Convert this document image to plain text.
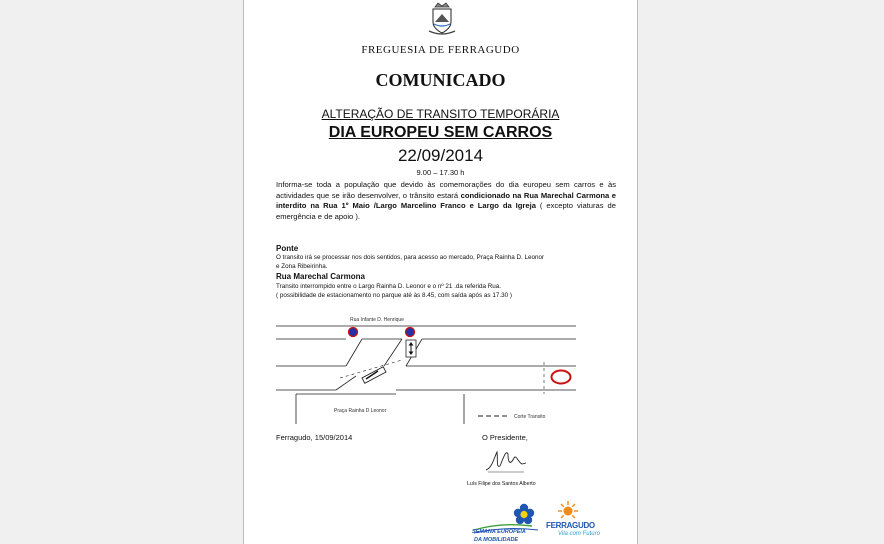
FREGUESIA DE FERRAGUDO
COMUNICADO
ALTERAÇÃO DE TRANSITO TEMPORÁRIA
DIA EUROPEU SEM CARROS
22/09/2014
9.00 – 17.30 h
Informa-se toda a população que devido às comemorações do dia europeu sem carros e às actividades que se irão desenvolver, o trânsito estará condicionado na Rua Marechal Carmona e interdito na Rua 1º Maio /Largo Marcelino Franco e Largo da Igreja ( excepto viaturas de emergência e de apoio ).
Ponte
O transito irá se processar nos dois sentidos, para acesso ao mercado, Praça Rainha D. Leonor
e Zona Ribeirinha.
Rua Marechal Carmona
Transito interrompido entre o Largo Rainha D. Leonor e o nº 21 .da referida Rua.
( possibilidade de estacionamento no parque até às 8.45, com saída após as 17.30 )
Rua Infante D. Henrique
Praça Rainha D Leonor
Corte Transito
Ferragudo, 15/09/2014	O Presidente,
Luís Filipe dos Santos Alberto
SEMANA EUROPEIA
DA MOBILIDADE
FERRAGUDO
Vila com Futuro
